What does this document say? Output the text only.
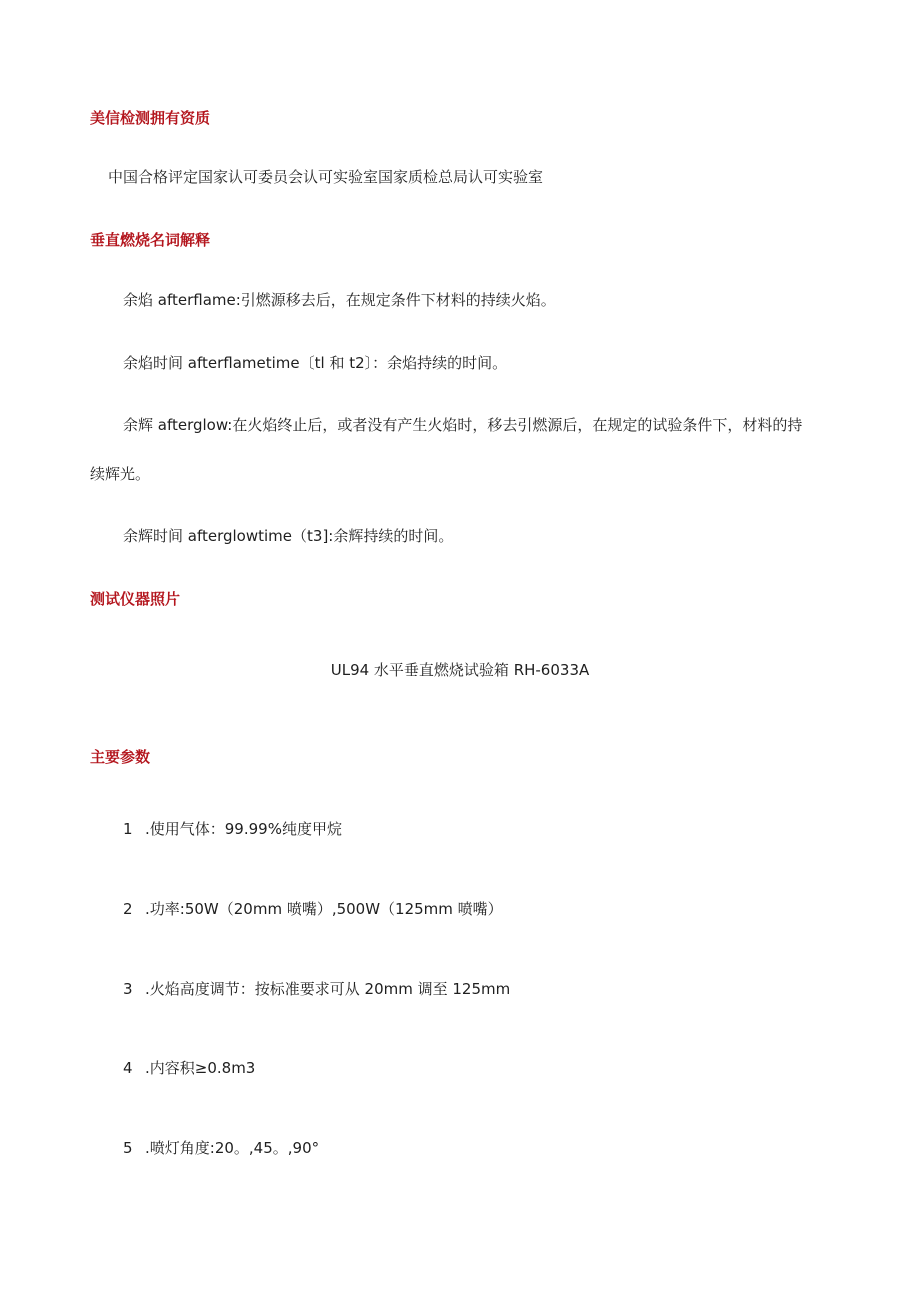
美信检测拥有资质
中国合格评定国家认可委员会认可实验室国家质检总局认可实验室
垂直燃烧名词解释
余焰 afterflame:引燃源移去后，在规定条件下材料的持续火焰。
余焰时间 afterflametime〔tl 和 t2〕：余焰持续的时间。
余辉 afterglow:在火焰终止后，或者没有产生火焰时，移去引燃源后，在规定的试验条件下，材料的持
续辉光。
余辉时间 afterglowtime（t3]:余辉持续的时间。
测试仪器照片
UL94 水平垂直燃烧试验箱 RH-6033A
主要参数
1 .使用气体：99.99%纯度甲烷
2 .功率:50W（20mm 喷嘴）,500W（125mm 喷嘴）
3 .火焰高度调节：按标准要求可从 20mm 调至 125mm
4 .内容积≥0.8m3
5 .喷灯角度:20。,45。,90°
